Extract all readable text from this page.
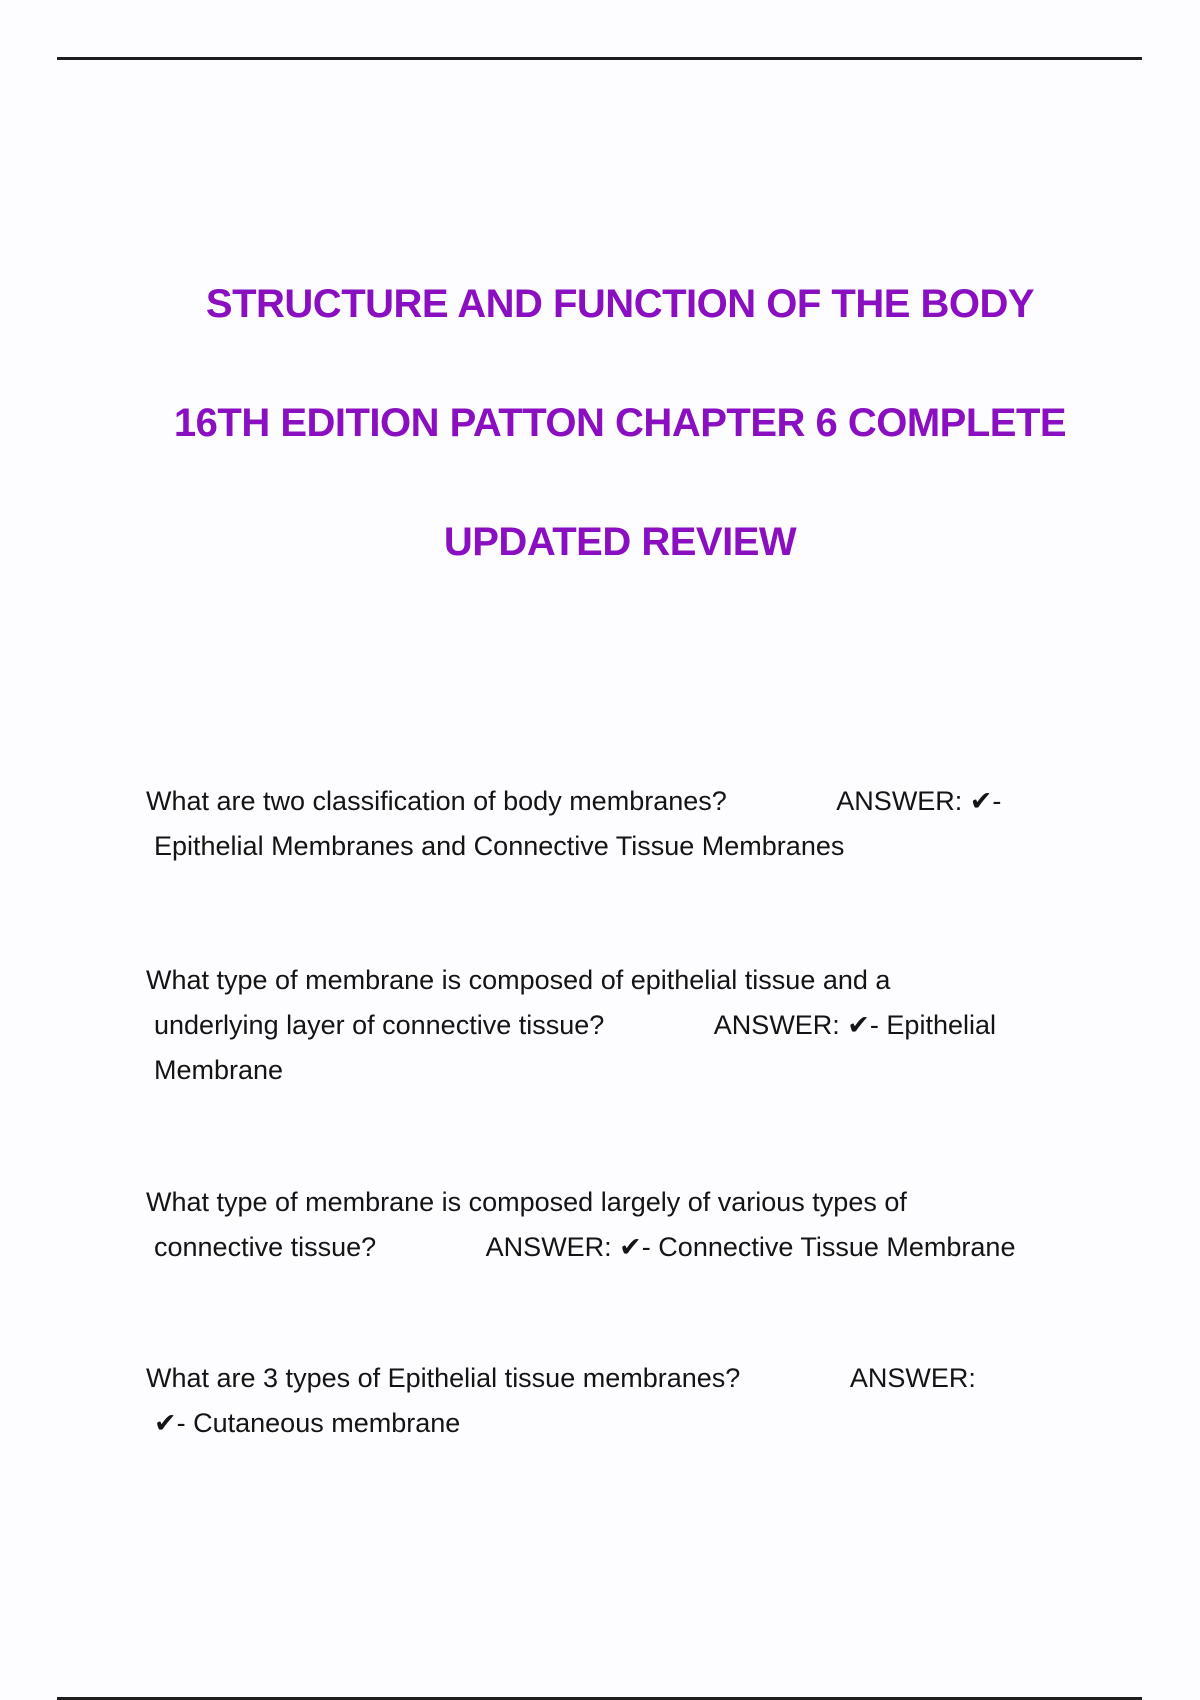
STRUCTURE AND FUNCTION OF THE BODY
16TH EDITION PATTON CHAPTER 6 COMPLETE
UPDATED REVIEW
What are two classification of body membranes?	ANSWER: ✔-
Epithelial Membranes and Connective Tissue Membranes
What type of membrane is composed of epithelial tissue and a
underlying layer of connective tissue?	ANSWER: ✔- Epithelial
Membrane
What type of membrane is composed largely of various types of
connective tissue?	ANSWER: ✔- Connective Tissue Membrane
What are 3 types of Epithelial tissue membranes?	ANSWER:
✔- Cutaneous membrane
